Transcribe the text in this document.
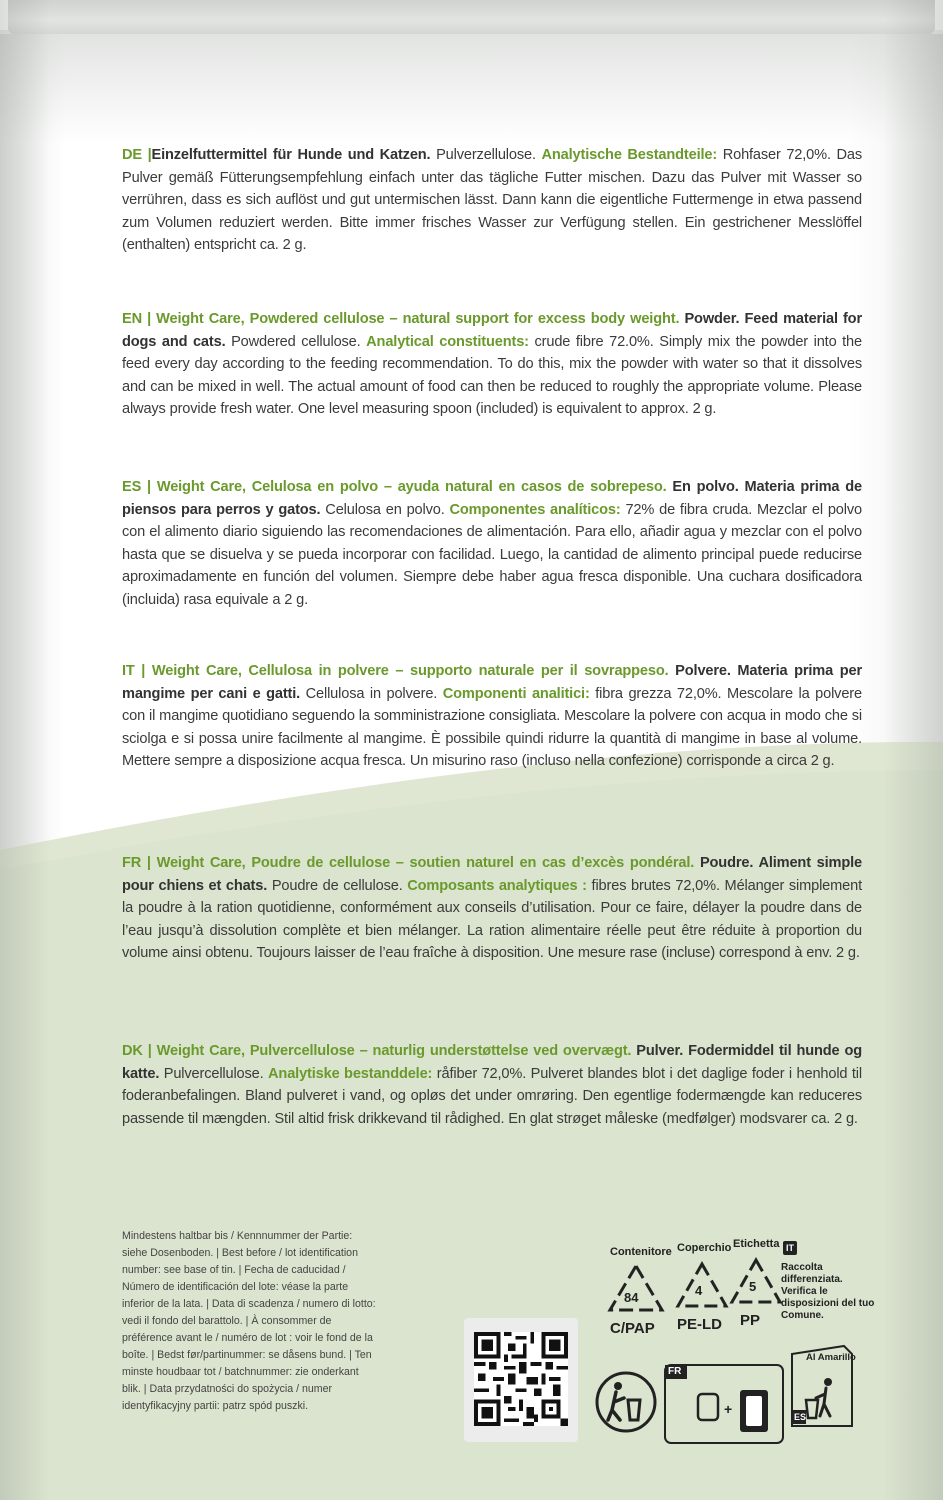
DE |Einzelfuttermittel für Hunde und Katzen. Pulverzellulose. Analytische Bestandteile: Rohfaser 72,0%. Das Pulver gemäß Fütterungsempfehlung einfach unter das tägliche Futter mischen. Dazu das Pulver mit Wasser so verrühren, dass es sich auflöst und gut untermischen lässt. Dann kann die eigentliche Futtermenge in etwa passend zum Volumen reduziert werden. Bitte immer frisches Wasser zur Verfügung stellen. Ein gestrichener Messlöffel (enthalten) entspricht ca. 2 g.
EN | Weight Care, Powdered cellulose – natural support for excess body weight. Powder. Feed material for dogs and cats. Powdered cellulose. Analytical constituents: crude fibre 72.0%. Simply mix the powder into the feed every day according to the feeding recommendation. To do this, mix the powder with water so that it dissolves and can be mixed in well. The actual amount of food can then be reduced to roughly the appropriate volume. Please always provide fresh water. One level measuring spoon (included) is equivalent to approx. 2 g.
ES | Weight Care, Celulosa en polvo – ayuda natural en casos de sobrepeso. En polvo. Materia prima de piensos para perros y gatos. Celulosa en polvo. Componentes analíticos: 72% de fibra cruda. Mezclar el polvo con el alimento diario siguiendo las recomendaciones de alimentación. Para ello, añadir agua y mezclar con el polvo hasta que se disuelva y se pueda incorporar con facilidad. Luego, la cantidad de alimento principal puede reducirse aproximadamente en función del volumen. Siempre debe haber agua fresca disponible. Una cuchara dosificadora (incluida) rasa equivale a 2 g.
IT | Weight Care, Cellulosa in polvere – supporto naturale per il sovrappeso. Polvere. Materia prima per mangime per cani e gatti. Cellulosa in polvere. Componenti analitici: fibra grezza 72,0%. Mescolare la polvere con il mangime quotidiano seguendo la somministrazione consigliata. Mescolare la polvere con acqua in modo che si sciolga e si possa unire facilmente al mangime. È possibile quindi ridurre la quantità di mangime in base al volume. Mettere sempre a disposizione acqua fresca. Un misurino raso (incluso nella confezione) corrisponde a circa 2 g.
FR | Weight Care, Poudre de cellulose – soutien naturel en cas d’excès pondéral. Poudre. Aliment simple pour chiens et chats. Poudre de cellulose. Composants analytiques : fibres brutes 72,0%. Mélanger simplement la poudre à la ration quotidienne, conformément aux conseils d’utilisation. Pour ce faire, délayer la poudre dans de l’eau jusqu’à dissolution complète et bien mélanger. La ration alimentaire réelle peut être réduite à proportion du volume ainsi obtenu. Toujours laisser de l’eau fraîche à disposition. Une mesure rase (incluse) correspond à env. 2 g.
DK | Weight Care, Pulvercellulose – naturlig understøttelse ved overvægt. Pulver. Fodermiddel til hunde og katte. Pulvercellulose. Analytiske bestanddele: råfiber 72,0%. Pulveret blandes blot i det daglige foder i henhold til foderanbefalingen. Bland pulveret i vand, og opløs det under omrøring. Den egentlige fodermængde kan reduceres passende til mængden. Stil altid frisk drikkevand til rådighed. En glat strøget måleske (medfølger) modsvarer ca. 2 g.
Mindestens haltbar bis / Kennnummer der Partie: siehe Dosenboden. | Best before / lot identification number: see base of tin. | Fecha de caducidad / Número de identificación del lote: véase la parte inferior de la lata. | Data di scadenza / numero di lotto: vedi il fondo del barattolo. | À consommer de préférence avant le / numéro de lot : voir le fond de la boîte. | Bedst før/partinummer: se dåsens bund. | Ten minste houdbaar tot / batchnummer: zie onderkant blik. | Data przydatności do spożycia / numer identyfikacyjny partii: patrz spód puszki.
Contenitore Coperchio Etichetta
84	4	5
C/PAP PE-LD PP
IT
Raccolta differenziata. Verifica le disposizioni del tuo Comune.
+
FR
Al Amarillo
ES
